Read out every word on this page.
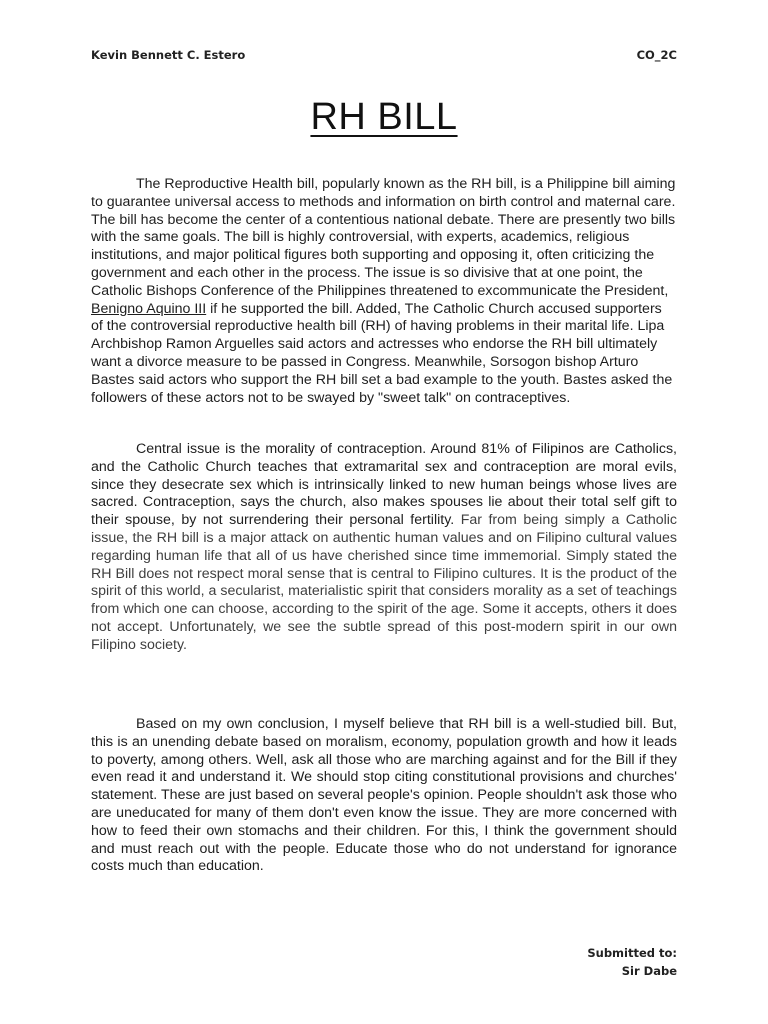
Kevin Bennett C. Estero	CO_2C
RH BILL

The Reproductive Health bill, popularly known as the RH bill, is a Philippine bill aiming to guarantee universal access to methods and information on birth control and maternal care. The bill has become the center of a contentious national debate. There are presently two bills with the same goals. The bill is highly controversial, with experts, academics, religious institutions, and major political figures both supporting and opposing it, often criticizing the government and each other in the process. The issue is so divisive that at one point, the Catholic Bishops Conference of the Philippines threatened to excommunicate the President, Benigno Aquino III if he supported the bill. Added, The Catholic Church accused supporters of the controversial reproductive health bill (RH) of having problems in their marital life. Lipa Archbishop Ramon Arguelles said actors and actresses who endorse the RH bill ultimately want a divorce measure to be passed in Congress. Meanwhile, Sorsogon bishop Arturo Bastes said actors who support the RH bill set a bad example to the youth. Bastes asked the followers of these actors not to be swayed by "sweet talk" on contraceptives.

Central issue is the morality of contraception. Around 81% of Filipinos are Catholics, and the Catholic Church teaches that extramarital sex and contraception are moral evils, since they desecrate sex which is intrinsically linked to new human beings whose lives are sacred. Contraception, says the church, also makes spouses lie about their total self gift to their spouse, by not surrendering their personal fertility. Far from being simply a Catholic issue, the RH bill is a major attack on authentic human values and on Filipino cultural values regarding human life that all of us have cherished since time immemorial. Simply stated the RH Bill does not respect moral sense that is central to Filipino cultures. It is the product of the spirit of this world, a secularist, materialistic spirit that considers morality as a set of teachings from which one can choose, according to the spirit of the age. Some it accepts, others it does not accept. Unfortunately, we see the subtle spread of this post-modern spirit in our own Filipino society.

Based on my own conclusion, I myself believe that RH bill is a well-studied bill. But, this is an unending debate based on moralism, economy, population growth and how it leads to poverty, among others. Well, ask all those who are marching against and for the Bill if they even read it and understand it. We should stop citing constitutional provisions and churches' statement. These are just based on several people's opinion. People shouldn't ask those who are uneducated for many of them don't even know the issue. They are more concerned with how to feed their own stomachs and their children. For this, I think the government should and must reach out with the people. Educate those who do not understand for ignorance costs much than education.

Submitted to:
Sir Dabe
